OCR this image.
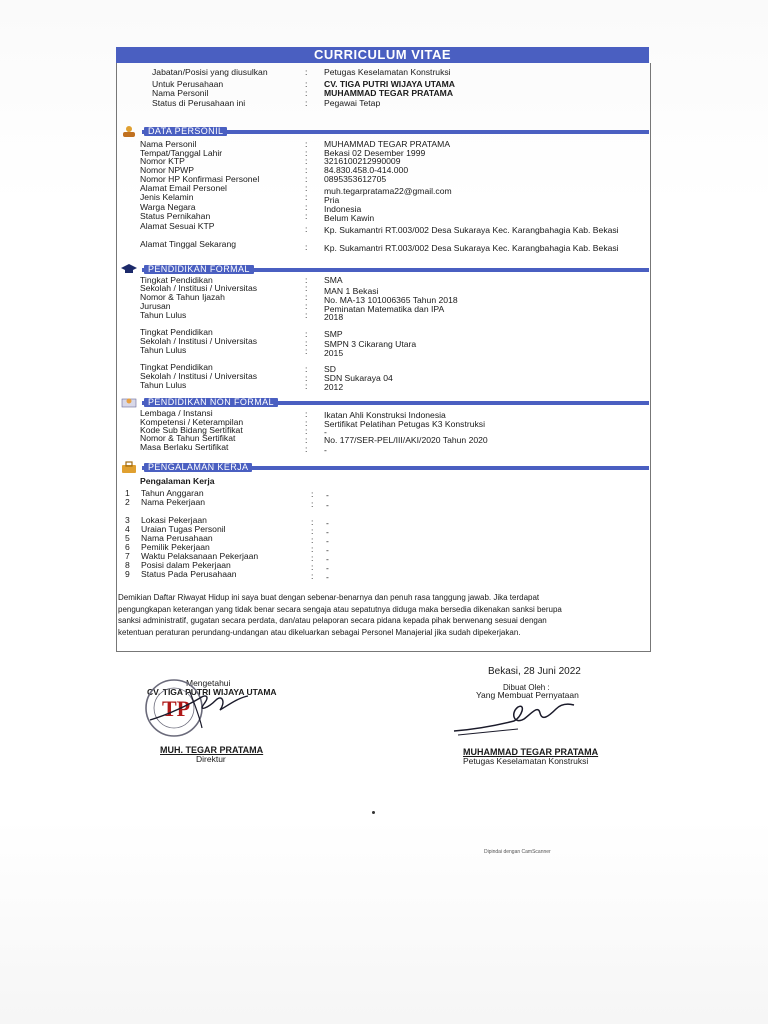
CURRICULUM VITAE
Jabatan/Posisi yang diusulkan	: Petugas Keselamatan Konstruksi
Untuk Perusahaan	: CV. TIGA PUTRI WIJAYA UTAMA
Nama Personil	: MUHAMMAD TEGAR PRATAMA
Status di Perusahaan ini	: Pegawai Tetap
DATA PERSONIL
Nama Personil	: MUHAMMAD TEGAR PRATAMA
Tempat/Tanggal Lahir	: Bekasi 02 Desember 1999
Nomor KTP	: 3216100212990009
Nomor NPWP	: 84.830.458.0-414.000
Nomor HP Konfirmasi Personel	: 0895353612705
Alamat Email Personel	: muh.tegarpratama22@gmail.com
Jenis Kelamin	: Pria
Warga Negara	: Indonesia
Status Pernikahan	: Belum Kawin
Alamat Sesuai KTP	: Kp. Sukamantri RT.003/002 Desa Sukaraya Kec. Karangbahagia Kab. Bekasi
Alamat Tinggal Sekarang	: Kp. Sukamantri RT.003/002 Desa Sukaraya Kec. Karangbahagia Kab. Bekasi
PENDIDIKAN FORMAL
Tingkat Pendidikan	: SMA
Sekolah / Institusi / Universitas	: MAN 1 Bekasi
Nomor & Tahun Ijazah	: No. MA-13 101006365 Tahun 2018
Jurusan	: Peminatan Matematika dan IPA
Tahun Lulus	: 2018
Tingkat Pendidikan	: SMP
Sekolah / Institusi / Universitas	: SMPN 3 Cikarang Utara
Tahun Lulus	: 2015
Tingkat Pendidikan	: SD
Sekolah / Institusi / Universitas	: SDN Sukaraya 04
Tahun Lulus	: 2012
PENDIDIKAN NON FORMAL
Lembaga / Instansi	: Ikatan Ahli Konstruksi Indonesia
Kompetensi / Keterampilan	: Sertifikat Pelatihan Petugas K3 Konstruksi
Kode Sub Bidang Sertifikat	: -
Nomor & Tahun Sertifikat	: No. 177/SER-PEL/III/AKI/2020 Tahun 2020
Masa Berlaku Sertifikat	: -
PENGALAMAN KERJA
Pengalaman Kerja
1 Tahun Anggaran	: -
2 Nama Pekerjaan	: -
3 Lokasi Pekerjaan	: -
4 Uraian Tugas Personil	: -
5 Nama Perusahaan	: -
6 Pemilik Pekerjaan	: -
7 Waktu Pelaksanaan Pekerjaan	: -
8 Posisi dalam Pekerjaan	: -
9 Status Pada Perusahaan	: -
Demikian Daftar Riwayat Hidup ini saya buat dengan sebenar-benarnya dan penuh rasa tanggung jawab. Jika terdapat
pengungkapan keterangan yang tidak benar secara sengaja atau sepatutnya diduga maka bersedia dikenakan sanksi berupa
sanksi administratif, gugatan secara perdata, dan/atau pelaporan secara pidana kepada pihak berwenang sesuai dengan
ketentuan peraturan perundang-undangan atau dikeluarkan sebagai Personel Manajerial jika sudah dipekerjakan.
Bekasi, 28 Juni 2022
Dibuat Oleh :
Yang Membuat Pernyataan
Mengetahui
CV. TIGA PUTRI WIJAYA UTAMA
TP
MUH. TEGAR PRATAMA
Direktur
MUHAMMAD TEGAR PRATAMA
Petugas Keselamatan Konstruksi
Dipindai dengan CamScanner
